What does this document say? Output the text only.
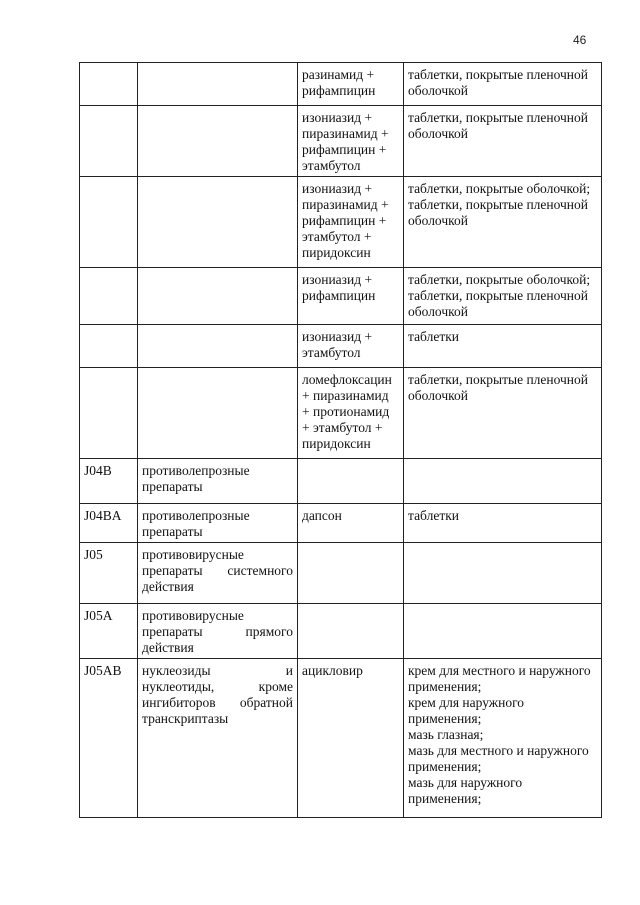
46
		разинамид + рифампицин	таблетки, покрытые пленочной оболочкой

		изониазид + пиразинамид + рифампицин + этамбутол	таблетки, покрытые пленочной оболочкой

		изониазид + пиразинамид + рифампицин + этамбутол + пиридоксин	таблетки, покрытые оболочкой;
таблетки, покрытые пленочной оболочкой

		изониазид + рифампицин	таблетки, покрытые оболочкой;
таблетки, покрытые пленочной оболочкой

		изониазид + этамбутол	таблетки

		ломефлоксацин + пиразинамид + протионамид + этамбутол + пиридоксин	таблетки, покрытые пленочной оболочкой

J04B	противолепрозные препараты		
J04BA	противолепрозные препараты	дапсон	таблетки

J05	противовирусные препараты системного действия		
J05A	противовирусные препараты прямого действия		
J05AB	нуклеозиды и нуклеотиды, кроме ингибиторов обратной транскриптазы	ацикловир	крем для местного и наружного применения;
крем для наружного применения;
мазь глазная;
мазь для местного и наружного применения;
мазь для наружного применения;
